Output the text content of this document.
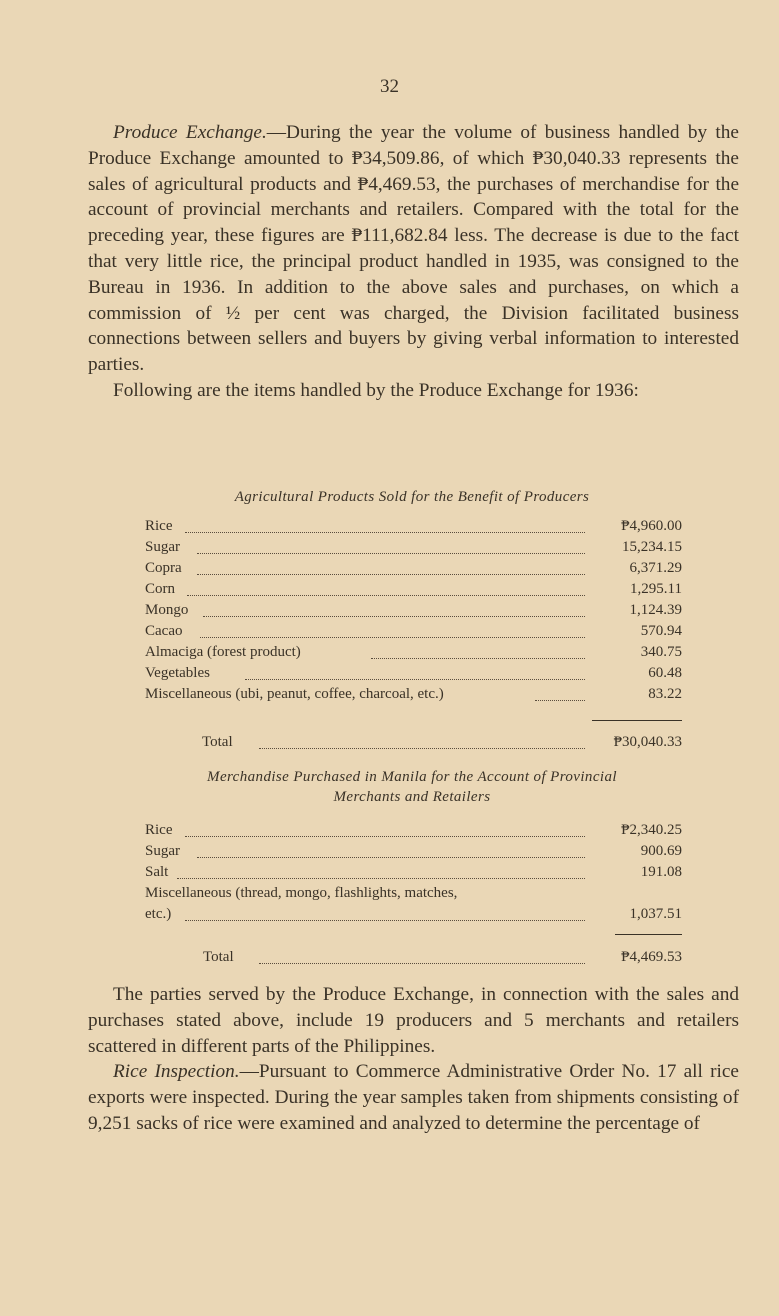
32

Produce Exchange.—During the year the volume of business handled by the Produce Exchange amounted to ₱34,509.86, of which ₱30,040.33 represents the sales of agricultural products and ₱4,469.53, the purchases of merchandise for the account of provincial merchants and retailers. Compared with the total for the preceding year, these figures are ₱111,682.84 less. The decrease is due to the fact that very little rice, the principal product handled in 1935, was consigned to the Bureau in 1936. In addition to the above sales and purchases, on which a commission of ½ per cent was charged, the Division facilitated business connections between sellers and buyers by giving verbal information to interested parties.

Following are the items handled by the Produce Exchange for 1936:

Agricultural Products Sold for the Benefit of Producers
Rice	₱4,960.00
Sugar	15,234.15
Copra	6,371.29
Corn	1,295.11
Mongo	1,124.39
Cacao	570.94
Almaciga (forest product)	340.75
Vegetables	60.48
Miscellaneous (ubi, peanut, coffee, charcoal, etc.)	83.22
Total	₱30,040.33
Merchandise Purchased in Manila for the Account of Provincial
Merchants and Retailers
Rice	₱2,340.25
Sugar	900.69
Salt	191.08
Miscellaneous (thread, mongo, flashlights, matches,
etc.)	1,037.51
Total	₱4,469.53

The parties served by the Produce Exchange, in connection with the sales and purchases stated above, include 19 producers and 5 merchants and retailers scattered in different parts of the Philippines.

Rice Inspection.—Pursuant to Commerce Administrative Order No. 17 all rice exports were inspected. During the year samples taken from shipments consisting of 9,251 sacks of rice were examined and analyzed to determine the percentage of
